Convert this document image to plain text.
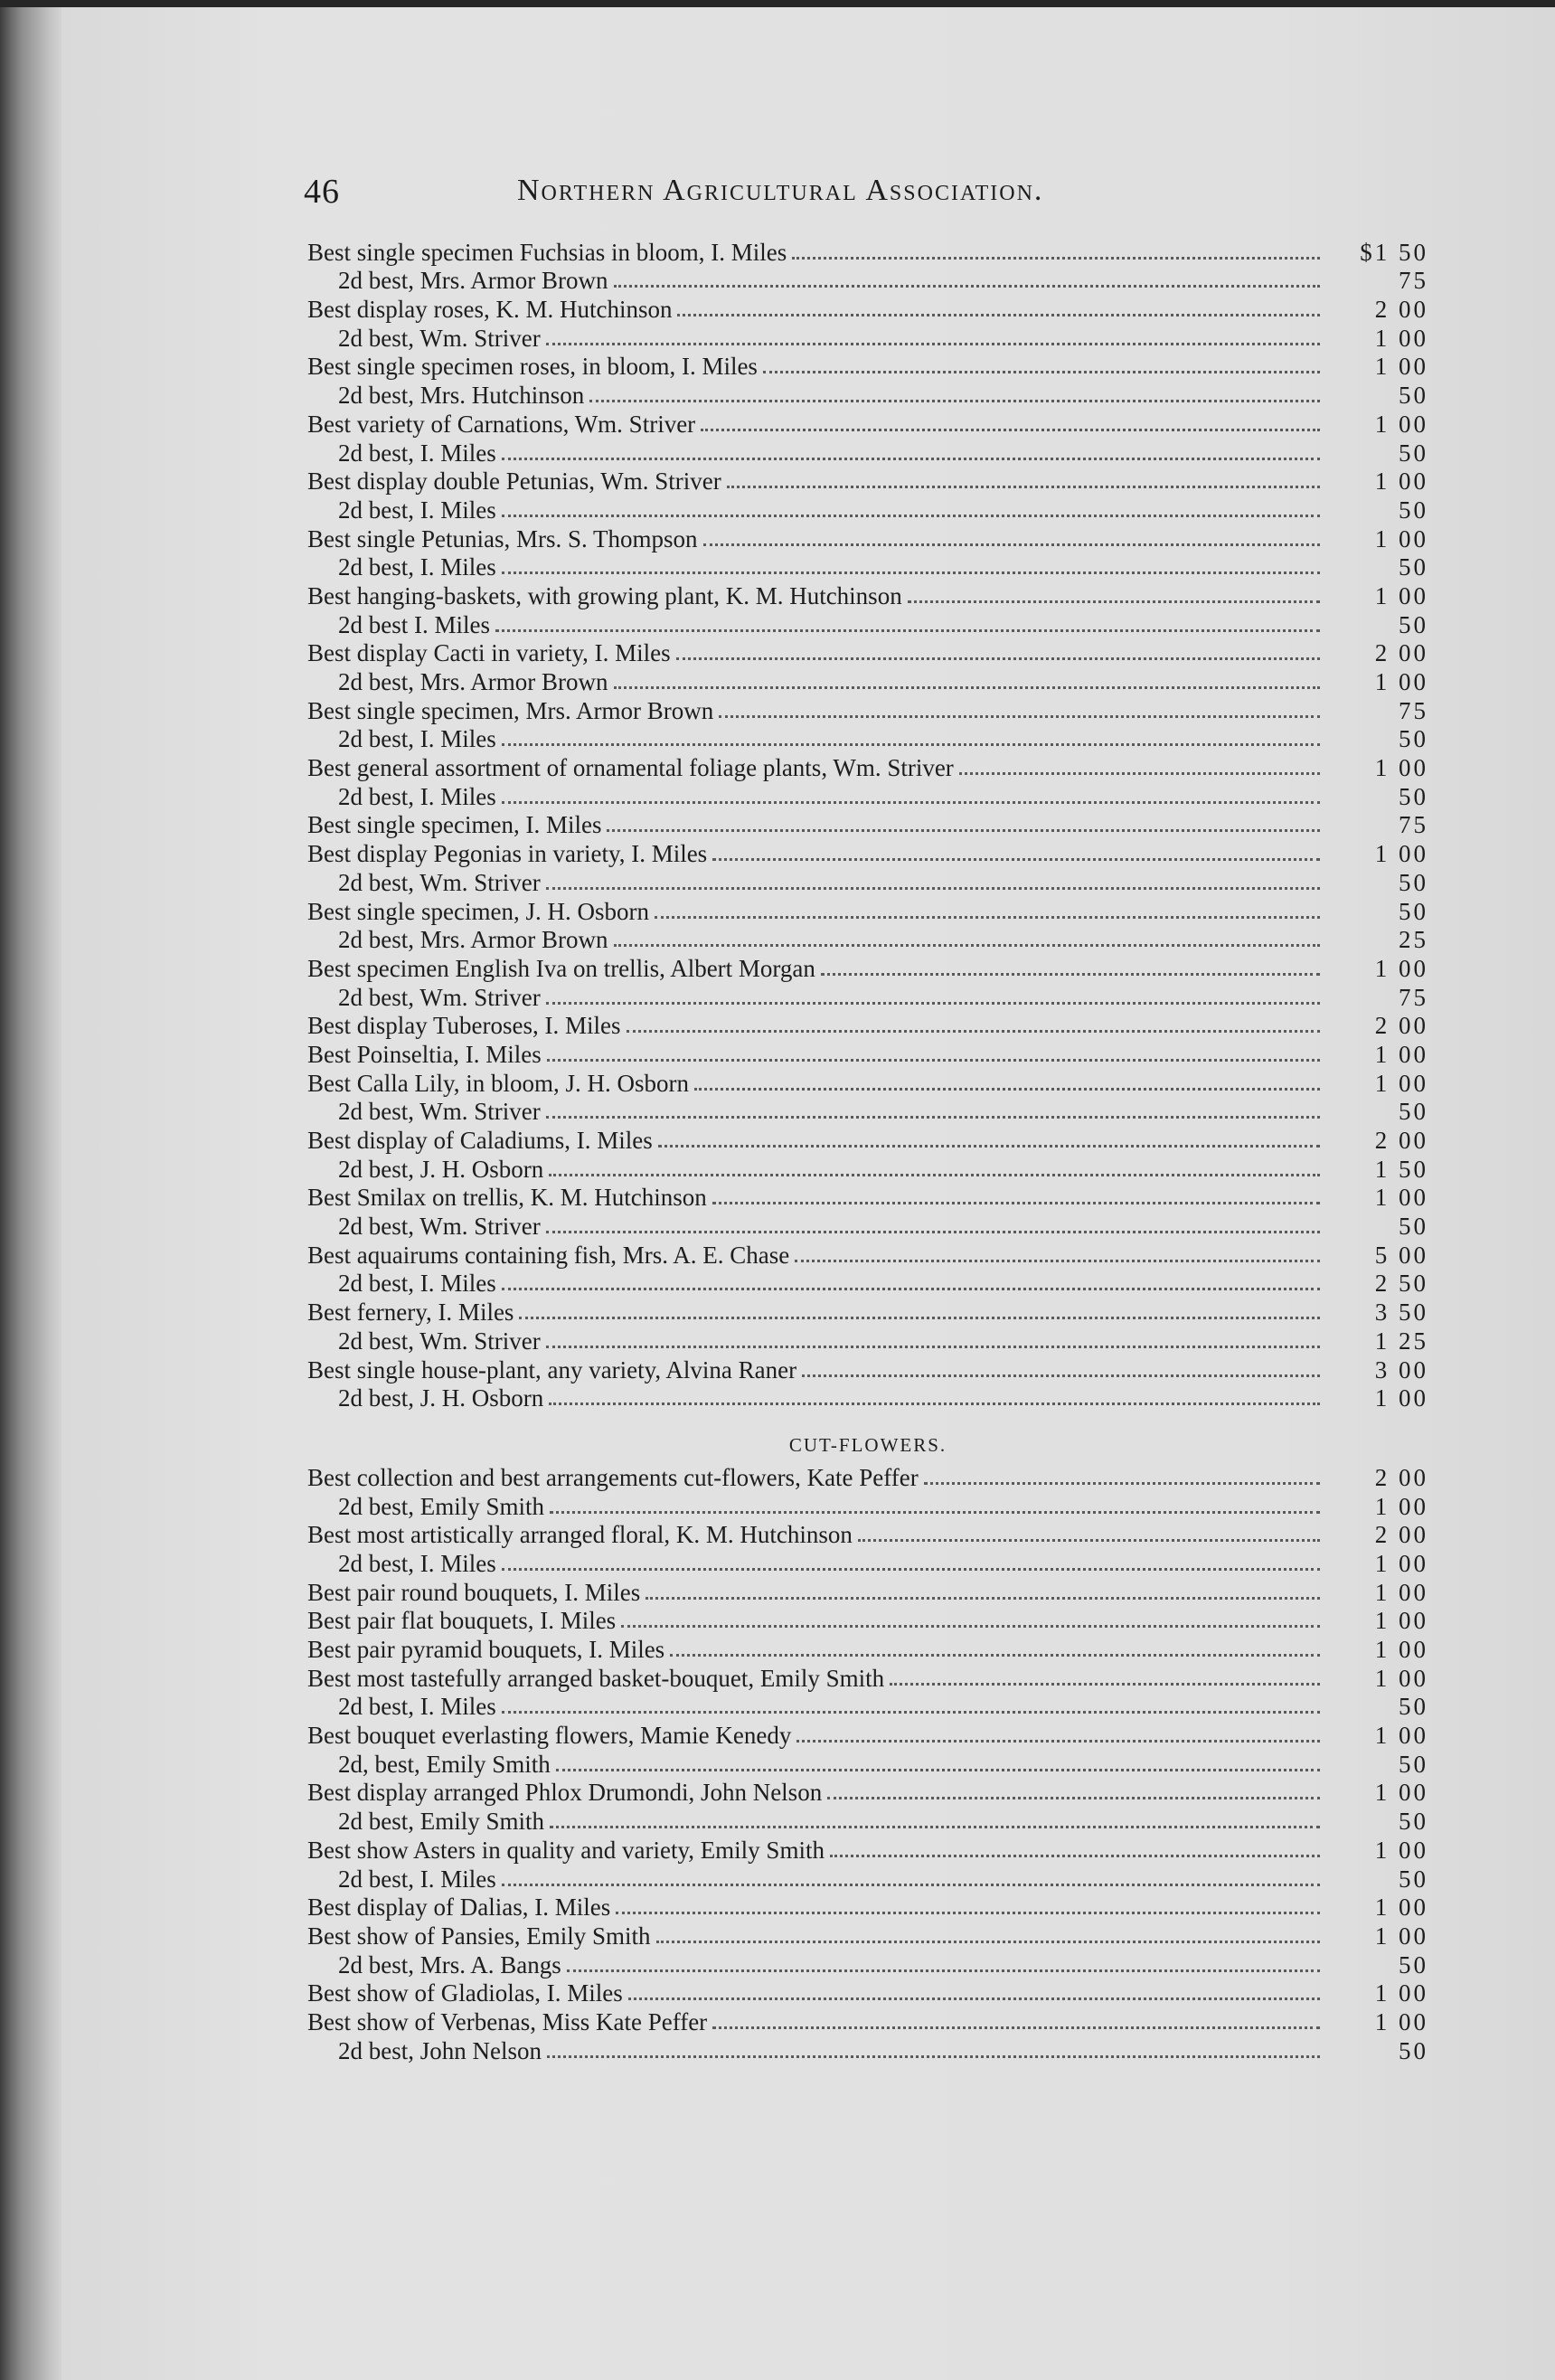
46	Northern Agricultural Association.
Best single specimen Fuchsias in bloom, I. Miles	$1 50
2d best, Mrs. Armor Brown	75
Best display roses, K. M. Hutchinson	2 00
2d best, Wm. Striver	1 00
Best single specimen roses, in bloom, I. Miles	1 00
2d best, Mrs. Hutchinson	50
Best variety of Carnations, Wm. Striver	1 00
2d best, I. Miles	50
Best display double Petunias, Wm. Striver	1 00
2d best, I. Miles	50
Best single Petunias, Mrs. S. Thompson	1 00
2d best, I. Miles	50
Best hanging-baskets, with growing plant, K. M. Hutchinson	1 00
2d best I. Miles	50
Best display Cacti in variety, I. Miles	2 00
2d best, Mrs. Armor Brown	1 00
Best single specimen, Mrs. Armor Brown	75
2d best, I. Miles	50
Best general assortment of ornamental foliage plants, Wm. Striver	1 00
2d best, I. Miles	50
Best single specimen, I. Miles	75
Best display Pegonias in variety, I. Miles	1 00
2d best, Wm. Striver	50
Best single specimen, J. H. Osborn	50
2d best, Mrs. Armor Brown	25
Best specimen English Iva on trellis, Albert Morgan	1 00
2d best, Wm. Striver	75
Best display Tuberoses, I. Miles	2 00
Best Poinseltia, I. Miles	1 00
Best Calla Lily, in bloom, J. H. Osborn	1 00
2d best, Wm. Striver	50
Best display of Caladiums, I. Miles	2 00
2d best, J. H. Osborn	1 50
Best Smilax on trellis, K. M. Hutchinson	1 00
2d best, Wm. Striver	50
Best aquairums containing fish, Mrs. A. E. Chase	5 00
2d best, I. Miles	2 50
Best fernery, I. Miles	3 50
2d best, Wm. Striver	1 25
Best single house-plant, any variety, Alvina Raner	3 00
2d best, J. H. Osborn	1 00
CUT-FLOWERS.
Best collection and best arrangements cut-flowers, Kate Peffer	2 00
2d best, Emily Smith	1 00
Best most artistically arranged floral, K. M. Hutchinson	2 00
2d best, I. Miles	1 00
Best pair round bouquets, I. Miles	1 00
Best pair flat bouquets, I. Miles	1 00
Best pair pyramid bouquets, I. Miles	1 00
Best most tastefully arranged basket-bouquet, Emily Smith	1 00
2d best, I. Miles	50
Best bouquet everlasting flowers, Mamie Kenedy	1 00
2d, best, Emily Smith	50
Best display arranged Phlox Drumondi, John Nelson	1 00
2d best, Emily Smith	50
Best show Asters in quality and variety, Emily Smith	1 00
2d best, I. Miles	50
Best display of Dalias, I. Miles	1 00
Best show of Pansies, Emily Smith	1 00
2d best, Mrs. A. Bangs	50
Best show of Gladiolas, I. Miles	1 00
Best show of Verbenas, Miss Kate Peffer	1 00
2d best, John Nelson	50
